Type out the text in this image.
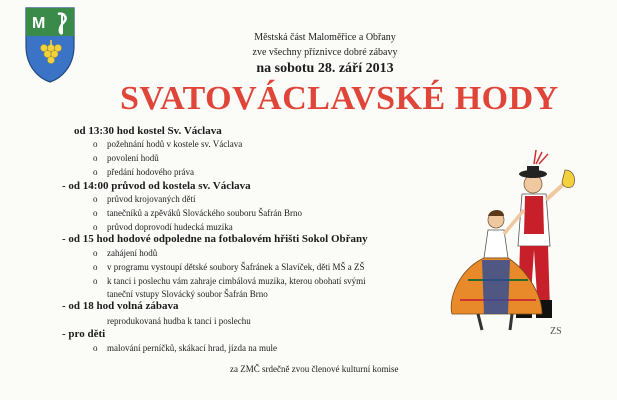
M
Městská část Maloměřice a Obřany
zve všechny příznivce dobré zábavy
na sobotu 28. září 2013
SVATOVÁCLAVSKÉ HODY
od 13:30 hod kostel Sv. Václava
o požehnání hodů v kostele sv. Václava
o povolení hodů
o předání hodového práva
- od 14:00 průvod od kostela sv. Václava
o průvod krojovaných dětí
o tanečníků a zpěváků Slováckého souboru Šafrán Brno
o průvod doprovodí hudecká muzika
- od 15 hod hodové odpoledne na fotbalovém hřišti Sokol Obřany
o zahájení hodů
o v programu vystoupí dětské soubory Šafránek a Slavíček, děti MŠ a ZŠ
o k tanci i poslechu vám zahraje cimbálová muzika, kterou obohatí svými
taneční vstupy Slovácký soubor Šafrán Brno
- od 18 hod volná zábava
reprodukovaná hudba k tanci i poslechu
- pro děti
o malování perníčků, skákací hrad, jízda na mule
za ZMČ srdečně zvou členové kulturní komise
ZS
